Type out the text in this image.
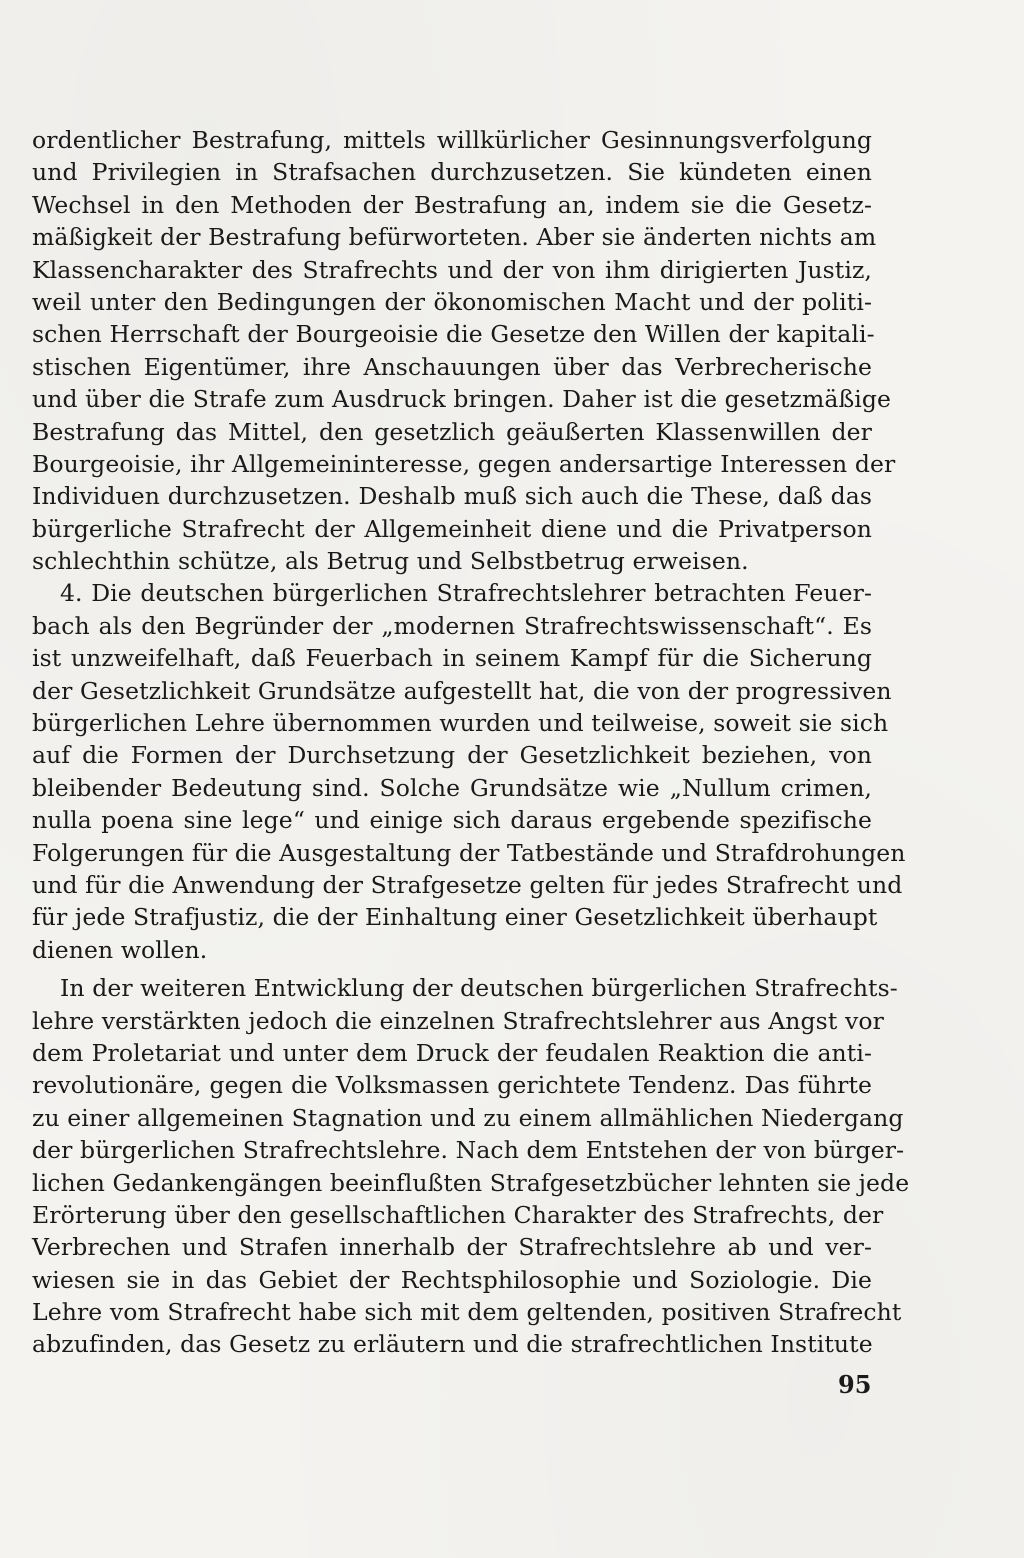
ordentlicher Bestrafung, mittels willkürlicher Gesinnungsverfolgung
und Privilegien in Strafsachen durchzusetzen. Sie kündeten einen
Wechsel in den Methoden der Bestrafung an, indem sie die Gesetz-
mäßigkeit der Bestrafung befürworteten. Aber sie änderten nichts am
Klassencharakter des Strafrechts und der von ihm dirigierten Justiz,
weil unter den Bedingungen der ökonomischen Macht und der politi-
schen Herrschaft der Bourgeoisie die Gesetze den Willen der kapitali-
stischen Eigentümer, ihre Anschauungen über das Verbrecherische
und über die Strafe zum Ausdruck bringen. Daher ist die gesetzmäßige
Bestrafung das Mittel, den gesetzlich geäußerten Klassenwillen der
Bourgeoisie, ihr Allgemeininteresse, gegen andersartige Interessen der
Individuen durchzusetzen. Deshalb muß sich auch die These, daß das
bürgerliche Strafrecht der Allgemeinheit diene und die Privatperson
schlechthin schütze, als Betrug und Selbstbetrug erweisen.
4. Die deutschen bürgerlichen Strafrechtslehrer betrachten Feuer-
bach als den Begründer der „modernen Strafrechtswissenschaft“. Es
ist unzweifelhaft, daß Feuerbach in seinem Kampf für die Sicherung
der Gesetzlichkeit Grundsätze aufgestellt hat, die von der progressiven
bürgerlichen Lehre übernommen wurden und teilweise, soweit sie sich
auf die Formen der Durchsetzung der Gesetzlichkeit beziehen, von
bleibender Bedeutung sind. Solche Grundsätze wie „Nullum crimen,
nulla poena sine lege“ und einige sich daraus ergebende spezifische
Folgerungen für die Ausgestaltung der Tatbestände und Strafdrohungen
und für die Anwendung der Strafgesetze gelten für jedes Strafrecht und
für jede Strafjustiz, die der Einhaltung einer Gesetzlichkeit überhaupt
dienen wollen.
In der weiteren Entwicklung der deutschen bürgerlichen Strafrechts-
lehre verstärkten jedoch die einzelnen Strafrechtslehrer aus Angst vor
dem Proletariat und unter dem Druck der feudalen Reaktion die anti-
revolutionäre, gegen die Volksmassen gerichtete Tendenz. Das führte
zu einer allgemeinen Stagnation und zu einem allmählichen Niedergang
der bürgerlichen Strafrechtslehre. Nach dem Entstehen der von bürger-
lichen Gedankengängen beeinflußten Strafgesetzbücher lehnten sie jede
Erörterung über den gesellschaftlichen Charakter des Strafrechts, der
Verbrechen und Strafen innerhalb der Strafrechtslehre ab und ver-
wiesen sie in das Gebiet der Rechtsphilosophie und Soziologie. Die
Lehre vom Strafrecht habe sich mit dem geltenden, positiven Strafrecht
abzufinden, das Gesetz zu erläutern und die strafrechtlichen Institute
95
